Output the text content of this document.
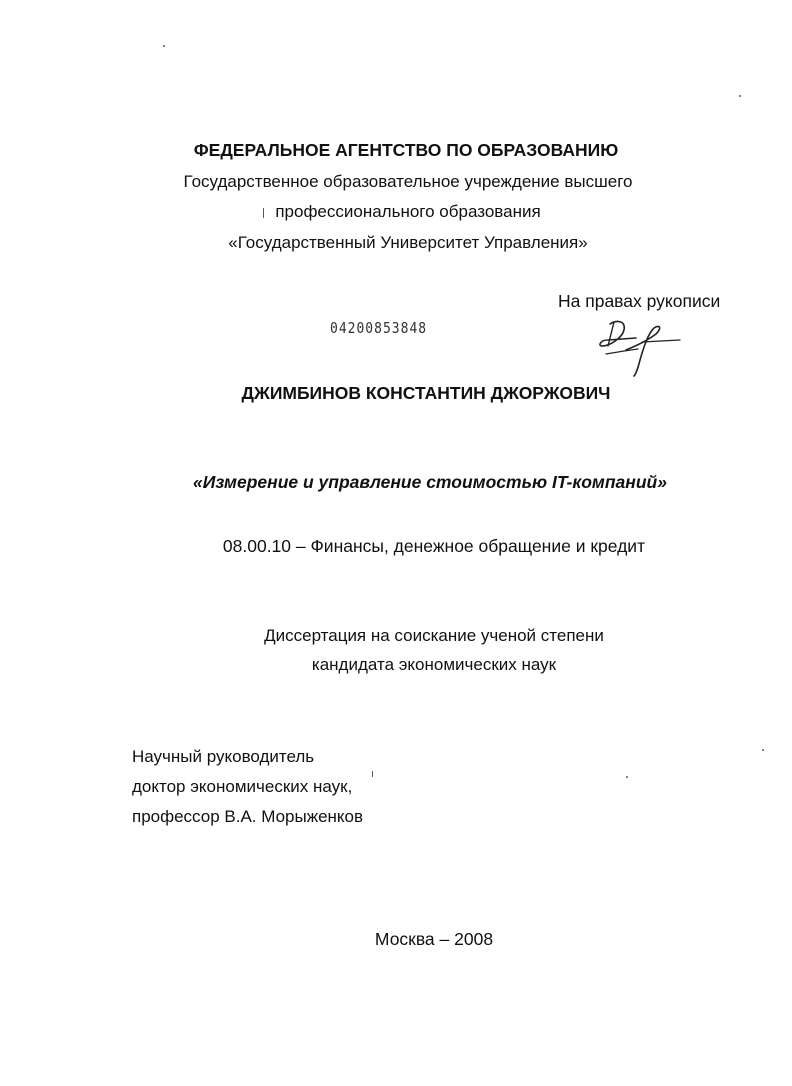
ФЕДЕРАЛЬНОЕ АГЕНТСТВО ПО ОБРАЗОВАНИЮ
Государственное образовательное учреждение высшего
профессионального образования
«Государственный Университет Управления»
На правах рукописи
04200853848
ДЖИМБИНОВ КОНСТАНТИН ДЖОРЖОВИЧ
«Измерение и управление стоимостью IT-компаний»
08.00.10 – Финансы, денежное обращение и кредит
Диссертация на соискание ученой степени
кандидата экономических наук
Научный руководитель
доктор экономических наук,
профессор В.А. Морыженков
Москва – 2008
